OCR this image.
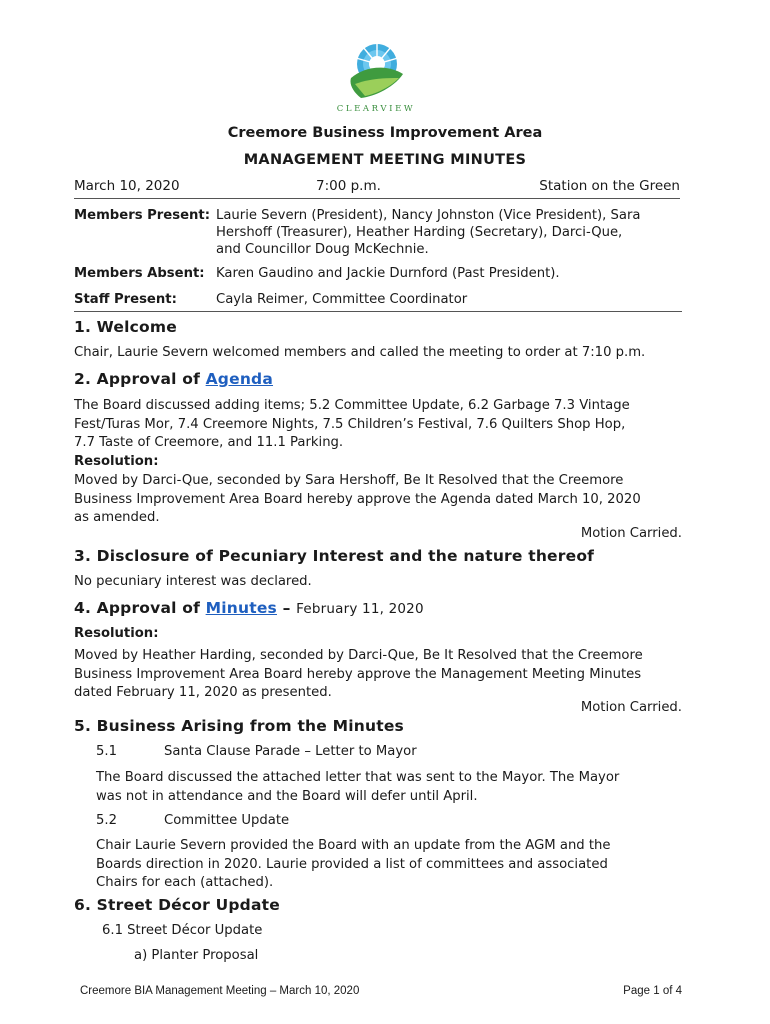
CLEARVIEW
Creemore Business Improvement Area
MANAGEMENT MEETING MINUTES
March 10, 2020	7:00 p.m.	Station on the Green
Members Present: Laurie Severn (President), Nancy Johnston (Vice President), Sara
Hershoff (Treasurer), Heather Harding (Secretary), Darci-Que,
and Councillor Doug McKechnie.
Members Absent: Karen Gaudino and Jackie Durnford (Past President).
Staff Present:	Cayla Reimer, Committee Coordinator
1. Welcome
Chair, Laurie Severn welcomed members and called the meeting to order at 7:10 p.m.
2. Approval of Agenda
The Board discussed adding items; 5.2 Committee Update, 6.2 Garbage 7.3 Vintage
Fest/Turas Mor, 7.4 Creemore Nights, 7.5 Children’s Festival, 7.6 Quilters Shop Hop,
7.7 Taste of Creemore, and 11.1 Parking.
Resolution:
Moved by Darci-Que, seconded by Sara Hershoff, Be It Resolved that the Creemore
Business Improvement Area Board hereby approve the Agenda dated March 10, 2020
as amended.
Motion Carried.
3. Disclosure of Pecuniary Interest and the nature thereof
No pecuniary interest was declared.
4. Approval of Minutes – February 11, 2020
Resolution:
Moved by Heather Harding, seconded by Darci-Que, Be It Resolved that the Creemore
Business Improvement Area Board hereby approve the Management Meeting Minutes
dated February 11, 2020 as presented.
Motion Carried.
5. Business Arising from the Minutes
5.1	Santa Clause Parade – Letter to Mayor
The Board discussed the attached letter that was sent to the Mayor. The Mayor
was not in attendance and the Board will defer until April.
5.2	Committee Update
Chair Laurie Severn provided the Board with an update from the AGM and the
Boards direction in 2020. Laurie provided a list of committees and associated
Chairs for each (attached).
6. Street Décor Update
6.1 Street Décor Update
a) Planter Proposal
Creemore BIA Management Meeting – March 10, 2020	Page 1 of 4
